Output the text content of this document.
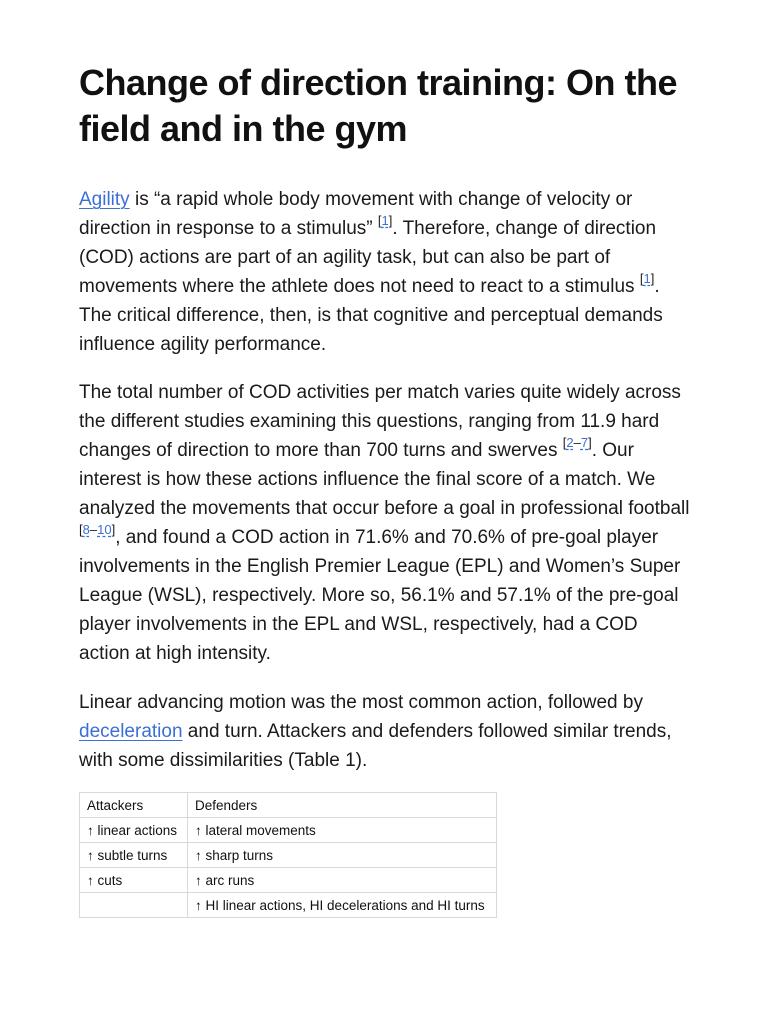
Change of direction training: On the field and in the gym

Agility is “a rapid whole body movement with change of velocity or direction in response to a stimulus” [1]. Therefore, change of direction (COD) actions are part of an agility task, but can also be part of movements where the athlete does not need to react to a stimulus [1]. The critical difference, then, is that cognitive and perceptual demands influence agility performance.

The total number of COD activities per match varies quite widely across the different studies examining this questions, ranging from 11.9 hard changes of direction to more than 700 turns and swerves [2–7]. Our interest is how these actions influence the final score of a match. We analyzed the movements that occur before a goal in professional football [8–10], and found a COD action in 71.6% and 70.6% of pre-goal player involvements in the English Premier League (EPL) and Women’s Super League (WSL), respectively. More so, 56.1% and 57.1% of the pre-goal player involvements in the EPL and WSL, respectively, had a COD action at high intensity.

Linear advancing motion was the most common action, followed by deceleration and turn. Attackers and defenders followed similar trends, with some dissimilarities (Table 1).

Attackers	Defenders
↑ linear actions	↑ lateral movements
↑ subtle turns	↑ sharp turns
↑ cuts	↑ arc runs
	↑ HI linear actions, HI decelerations and HI turns
